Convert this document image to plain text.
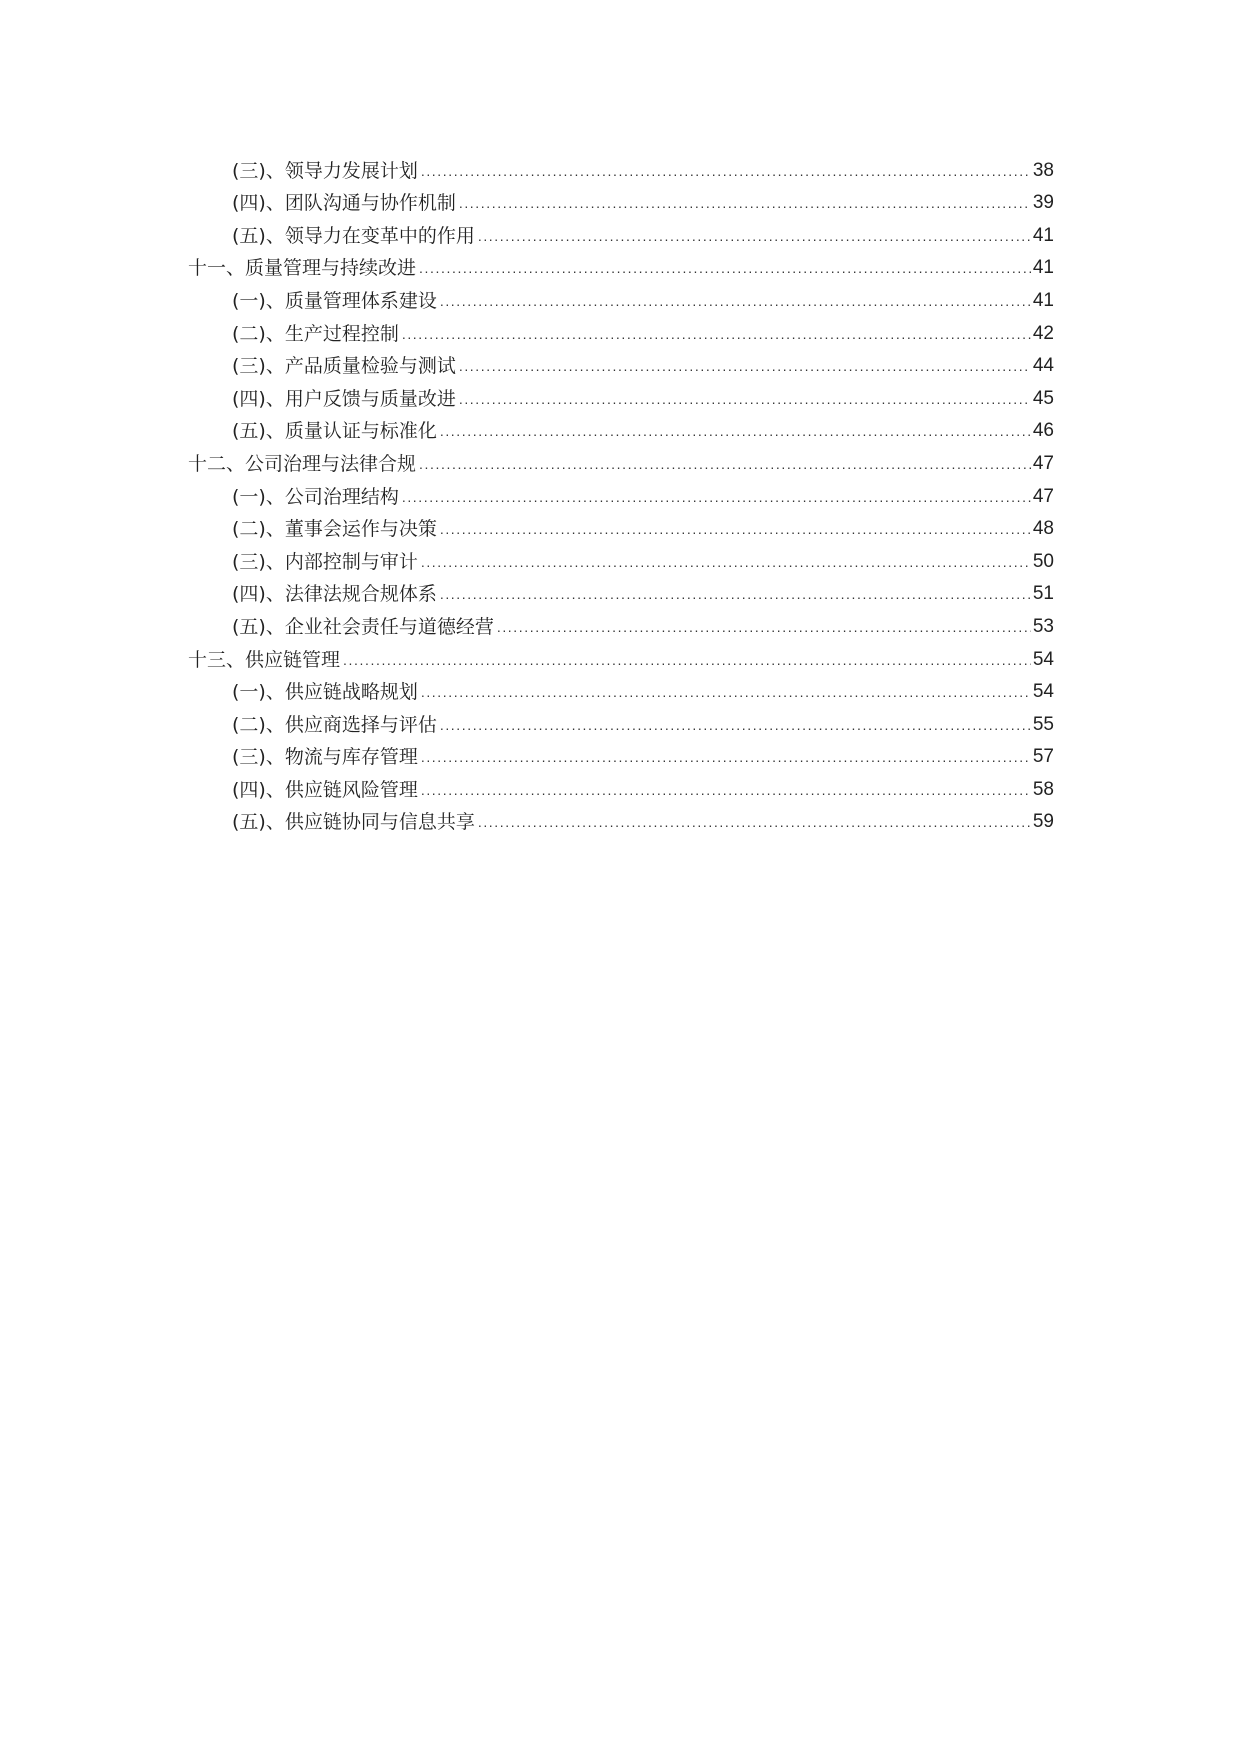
(三)、领导力发展计划 .....	38
(四)、团队沟通与协作机制 .....	39
(五)、领导力在变革中的作用 .....	41
十一、质量管理与持续改进 .....	41
(一)、质量管理体系建设 .....	41
(二)、生产过程控制 .....	42
(三)、产品质量检验与测试 .....	44
(四)、用户反馈与质量改进 .....	45
(五)、质量认证与标准化 .....	46
十二、公司治理与法律合规 .....	47
(一)、公司治理结构 .....	47
(二)、董事会运作与决策 .....	48
(三)、内部控制与审计 .....	50
(四)、法律法规合规体系 .....	51
(五)、企业社会责任与道德经营 .....	53
十三、供应链管理 .....	54
(一)、供应链战略规划 .....	54
(二)、供应商选择与评估 .....	55
(三)、物流与库存管理 .....	57
(四)、供应链风险管理 .....	58
(五)、供应链协同与信息共享 .....	59
